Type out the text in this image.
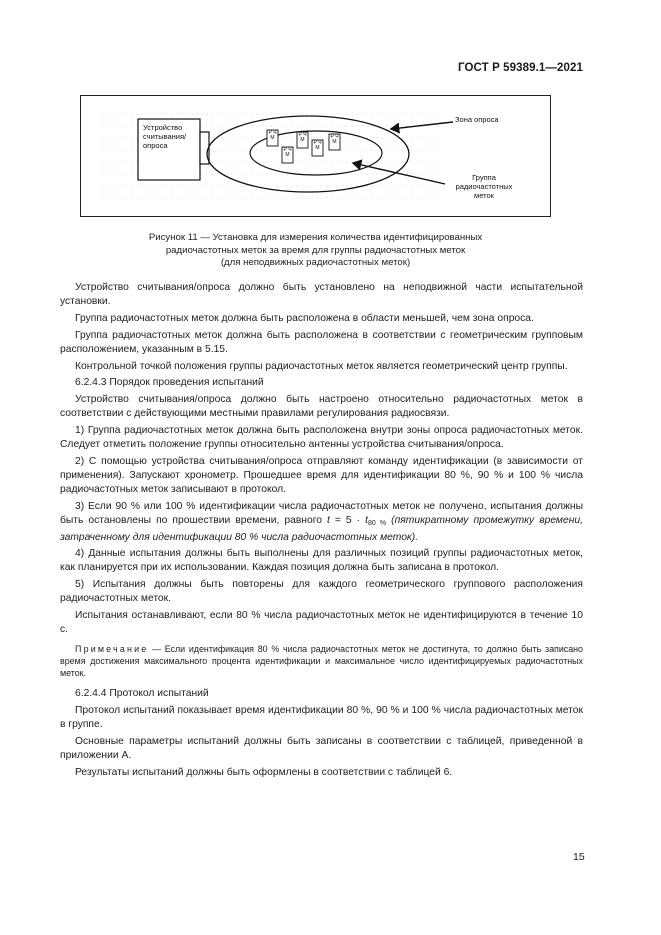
ГОСТ Р 59389.1—2021
Устройство считывания/ опроса
Зона опроса
Группа радиочастотных меток
Р Ч М
Р Ч М
Р Ч М	Р Ч М
Р Ч М
Рисунок 11 — Установка для измерения количества идентифицированных
радиочастотных меток за время для группы радиочастотных меток
(для неподвижных радиочастотных меток)

Устройство считывания/опроса должно быть установлено на неподвижной части испытательной установки.

Группа радиочастотных меток должна быть расположена в области меньшей, чем зона опроса.

Группа радиочастотных меток должна быть расположена в соответствии с геометрическим групповым расположением, указанным в 5.15.

Контрольной точкой положения группы радиочастотных меток является геометрический центр группы.

6.2.4.3 Порядок проведения испытаний

Устройство считывания/опроса должно быть настроено относительно радиочастотных меток в соответствии с действующими местными правилами регулирования радиосвязи.

1) Группа радиочастотных меток должна быть расположена внутри зоны опроса радиочастотных меток. Следует отметить положение группы относительно антенны устройства считывания/опроса.

2) С помощью устройства считывания/опроса отправляют команду идентификации (в зависимости от применения). Запускают хронометр. Прошедшее время для идентификации 80 %, 90 % и 100 % числа радиочастотных меток записывают в протокол.

3) Если 90 % или 100 % идентификации числа радиочастотных меток не получено, испытания должны быть остановлены по прошествии времени, равного $t = 5 \cdot t_{80 \%}$ (пятикратному промежутку времени, затраченному для идентификации 80 % числа радиочастотных меток).

4) Данные испытания должны быть выполнены для различных позиций группы радиочастотных меток, как планируется при их использовании. Каждая позиция должна быть записана в протокол.

5) Испытания должны быть повторены для каждого геометрического группового расположения радиочастотных меток.

Испытания останавливают, если 80 % числа радиочастотных меток не идентифицируются в течение 10 с.

Примечание — Если идентификация 80 % числа радиочастотных меток не достигнута, то должно быть записано время достижения максимального процента идентификации и максимальное число идентифицируемых радиочастотных меток.

6.2.4.4 Протокол испытаний

Протокол испытаний показывает время идентификации 80 %, 90 % и 100 % числа радиочастотных меток в группе.

Основные параметры испытаний должны быть записаны в соответствии с таблицей, приведенной в приложении А.

Результаты испытаний должны быть оформлены в соответствии с таблицей 6.

15
